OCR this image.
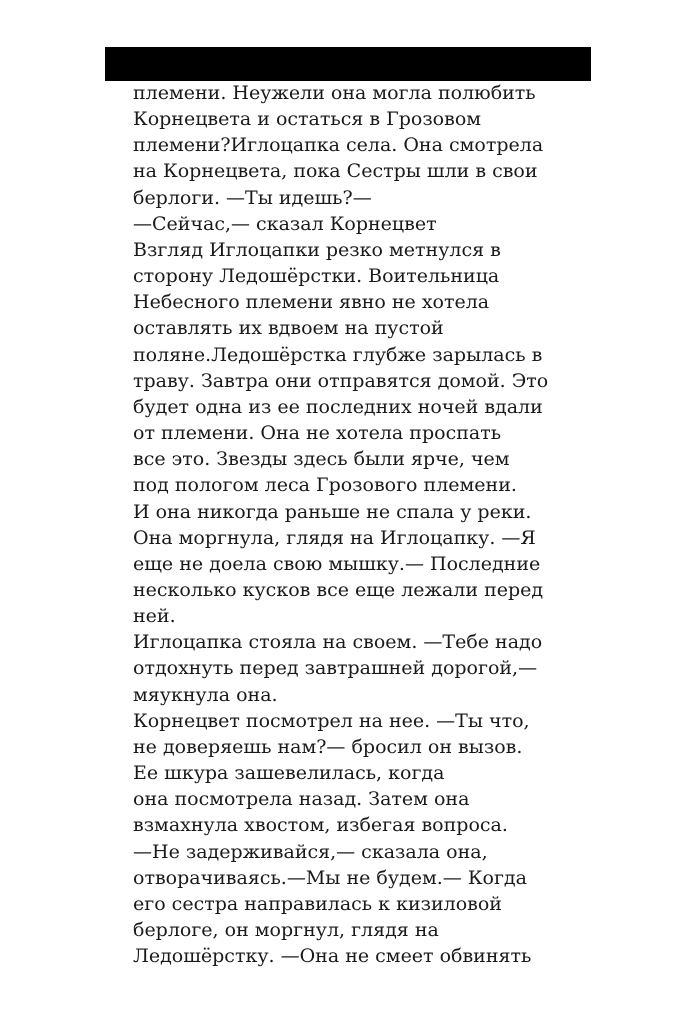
племени. Неужели она могла полюбить
Корнецвета и остаться в Грозовом
племени?Иглоцапка села. Она смотрела
на Корнецвета, пока Сестры шли в свои
берлоги. —Ты идешь?—
—Сейчас,— сказал Корнецвет
Взгляд Иглоцапки резко метнулся в
сторону Ледошёрстки. Воительница
Небесного племени явно не хотела
оставлять их вдвоем на пустой
поляне.Ледошёрстка глубже зарылась в
траву. Завтра они отправятся домой. Это
будет одна из ее последних ночей вдали
от племени. Она не хотела проспать
все это. Звезды здесь были ярче, чем
под пологом леса Грозового племени.
И она никогда раньше не спала у реки.
Она моргнула, глядя на Иглоцапку. —Я
еще не доела свою мышку.— Последние
несколько кусков все еще лежали перед
ней.
Иглоцапка стояла на своем. —Тебе надо
отдохнуть перед завтрашней дорогой,—
мяукнула она.
Корнецвет посмотрел на нее. —Ты что,
не доверяешь нам?— бросил он вызов.
Ее шкура зашевелилась, когда
она посмотрела назад. Затем она
взмахнула хвостом, избегая вопроса.
—Не задерживайся,— сказала она,
отворачиваясь.—Мы не будем.— Когда
его сестра направилась к кизиловой
берлоге, он моргнул, глядя на
Ледошёрстку. —Она не смеет обвинять
